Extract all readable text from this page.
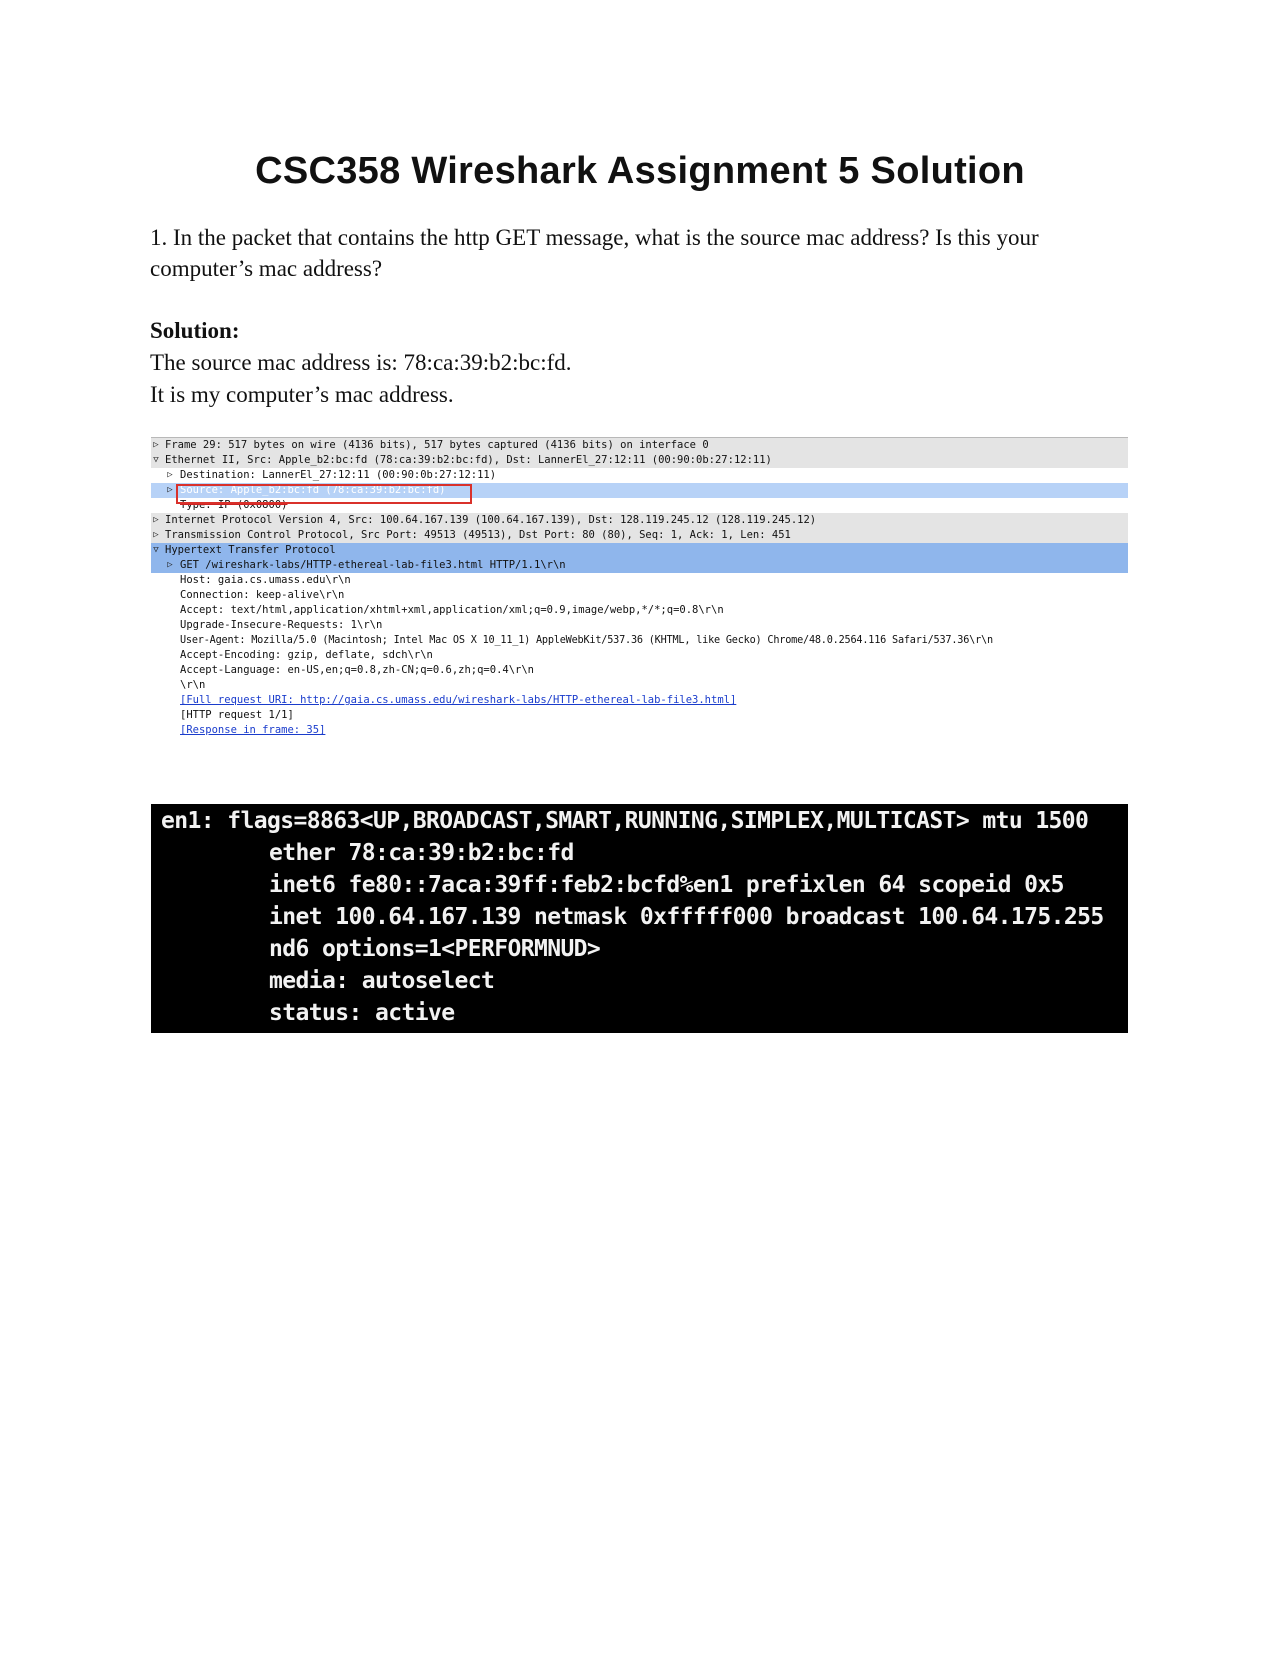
CSC358 Wireshark Assignment 5 Solution
1. In the packet that contains the http GET message, what is the source mac address? Is this your computer’s mac address?
Solution:
The source mac address is: 78:ca:39:b2:bc:fd.
It is my computer’s mac address.
▷ Frame 29: 517 bytes on wire (4136 bits), 517 bytes captured (4136 bits) on interface 0
▽ Ethernet II, Src: Apple_b2:bc:fd (78:ca:39:b2:bc:fd), Dst: LannerEl_27:12:11 (00:90:0b:27:12:11)
▷ Destination: LannerEl_27:12:11 (00:90:0b:27:12:11)
▷ Source: Apple_b2:bc:fd (78:ca:39:b2:bc:fd)
Type: IP (0x0800)
▷ Internet Protocol Version 4, Src: 100.64.167.139 (100.64.167.139), Dst: 128.119.245.12 (128.119.245.12)
▷ Transmission Control Protocol, Src Port: 49513 (49513), Dst Port: 80 (80), Seq: 1, Ack: 1, Len: 451
▽ Hypertext Transfer Protocol
▷ GET /wireshark-labs/HTTP-ethereal-lab-file3.html HTTP/1.1\r\n
Host: gaia.cs.umass.edu\r\n
Connection: keep-alive\r\n
Accept: text/html,application/xhtml+xml,application/xml;q=0.9,image/webp,*/*;q=0.8\r\n
Upgrade-Insecure-Requests: 1\r\n
User-Agent: Mozilla/5.0 (Macintosh; Intel Mac OS X 10_11_1) AppleWebKit/537.36 (KHTML, like Gecko) Chrome/48.0.2564.116 Safari/537.36\r\n
Accept-Encoding: gzip, deflate, sdch\r\n
Accept-Language: en-US,en;q=0.8,zh-CN;q=0.6,zh;q=0.4\r\n
\r\n
[Full request URI: http://gaia.cs.umass.edu/wireshark-labs/HTTP-ethereal-lab-file3.html]
[HTTP request 1/1]
[Response in frame: 35]
en1: flags=8863<UP,BROADCAST,SMART,RUNNING,SIMPLEX,MULTICAST> mtu 1500
ether 78:ca:39:b2:bc:fd
inet6 fe80::7aca:39ff:feb2:bcfd%en1 prefixlen 64 scopeid 0x5
inet 100.64.167.139 netmask 0xfffff000 broadcast 100.64.175.255
nd6 options=1<PERFORMNUD>
media: autoselect
status: active
